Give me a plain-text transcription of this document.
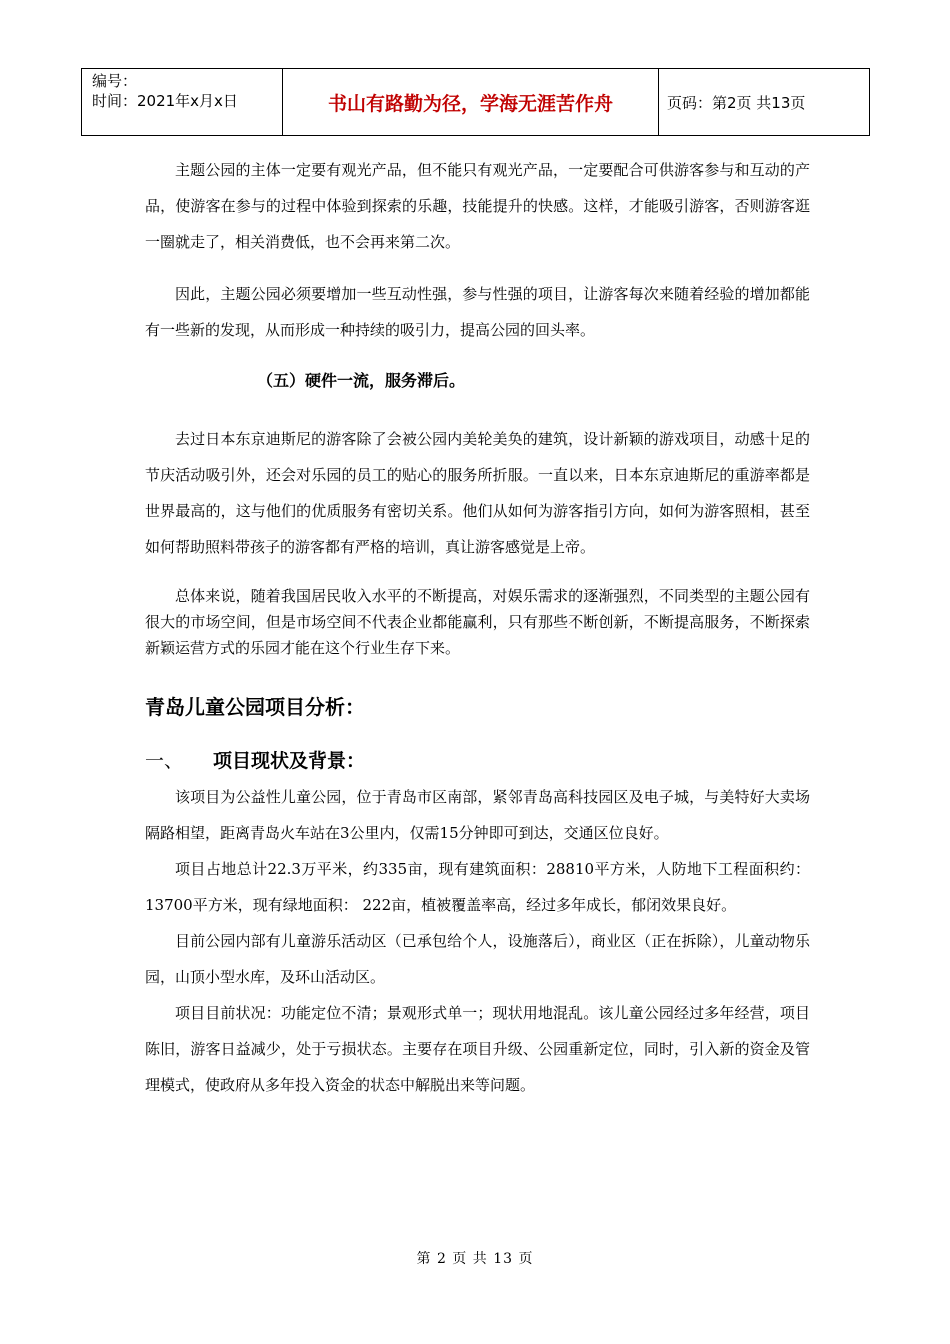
编号：
时间：2021年x月x日	书山有路勤为径，学海无涯苦作舟	页码：第2页 共13页

主题公园的主体一定要有观光产品，但不能只有观光产品，一定要配合可供游客参与和互动的产品，使游客在参与的过程中体验到探索的乐趣，技能提升的快感。这样，才能吸引游客，否则游客逛一圈就走了，相关消费低，也不会再来第二次。

因此，主题公园必须要增加一些互动性强，参与性强的项目，让游客每次来随着经验的增加都能有一些新的发现，从而形成一种持续的吸引力，提高公园的回头率。

（五）硬件一流，服务滞后。

去过日本东京迪斯尼的游客除了会被公园内美轮美奂的建筑，设计新颖的游戏项目，动感十足的节庆活动吸引外，还会对乐园的员工的贴心的服务所折服。一直以来，日本东京迪斯尼的重游率都是世界最高的，这与他们的优质服务有密切关系。他们从如何为游客指引方向，如何为游客照相，甚至如何帮助照料带孩子的游客都有严格的培训，真让游客感觉是上帝。

总体来说，随着我国居民收入水平的不断提高，对娱乐需求的逐渐强烈，不同类型的主题公园有很大的市场空间，但是市场空间不代表企业都能赢利，只有那些不断创新，不断提高服务，不断探索新颖运营方式的乐园才能在这个行业生存下来。

青岛儿童公园项目分析：

一、	项目现状及背景：

该项目为公益性儿童公园，位于青岛市区南部，紧邻青岛高科技园区及电子城，与美特好大卖场隔路相望，距离青岛火车站在3公里内，仅需15分钟即可到达，交通区位良好。

项目占地总计22.3万平米，约335亩，现有建筑面积：28810平方米，人防地下工程面积约：13700平方米，现有绿地面积： 222亩，植被覆盖率高，经过多年成长，郁闭效果良好。

目前公园内部有儿童游乐活动区（已承包给个人，设施落后），商业区（正在拆除），儿童动物乐园，山顶小型水库，及环山活动区。

项目目前状况：功能定位不清；景观形式单一；现状用地混乱。该儿童公园经过多年经营，项目陈旧，游客日益减少，处于亏损状态。主要存在项目升级、公园重新定位，同时，引入新的资金及管理模式，使政府从多年投入资金的状态中解脱出来等问题。

第 2 页 共 13 页
